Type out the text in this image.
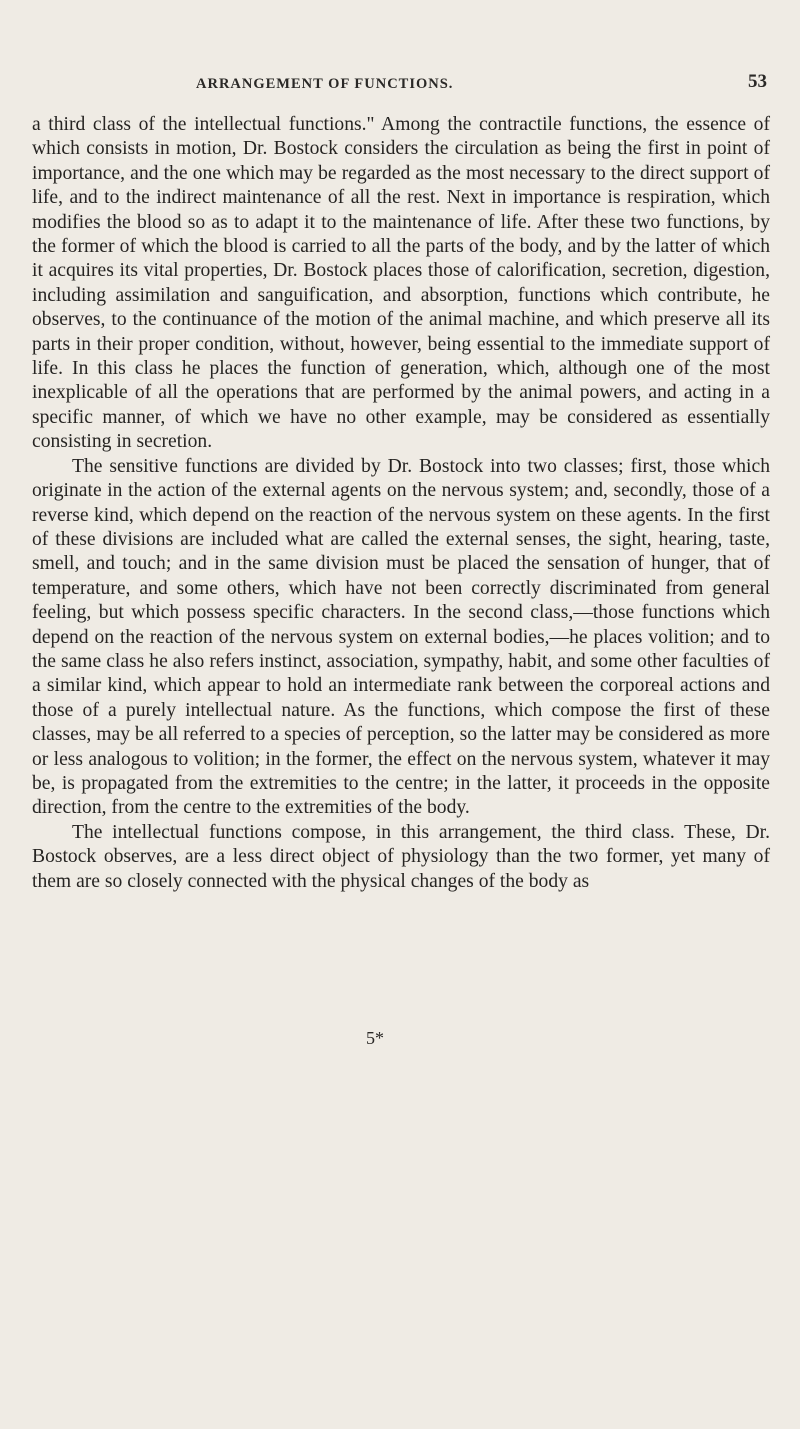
ARRANGEMENT OF FUNCTIONS.	53

a third class of the intellectual functions." Among the contractile functions, the essence of which consists in motion, Dr. Bostock considers the circulation as being the first in point of importance, and the one which may be regarded as the most necessary to the direct support of life, and to the indirect maintenance of all the rest. Next in importance is respiration, which modifies the blood so as to adapt it to the maintenance of life. After these two functions, by the former of which the blood is carried to all the parts of the body, and by the latter of which it acquires its vital properties, Dr. Bostock places those of calorification, secretion, digestion, including assimilation and sanguification, and absorption, functions which contribute, he observes, to the continuance of the motion of the animal machine, and which preserve all its parts in their proper condition, without, however, being essential to the immediate support of life. In this class he places the function of generation, which, although one of the most inexplicable of all the operations that are performed by the animal powers, and acting in a specific manner, of which we have no other example, may be considered as essentially consisting in secretion.

The sensitive functions are divided by Dr. Bostock into two classes; first, those which originate in the action of the external agents on the nervous system; and, secondly, those of a reverse kind, which depend on the reaction of the nervous system on these agents. In the first of these divisions are included what are called the external senses, the sight, hearing, taste, smell, and touch; and in the same division must be placed the sensation of hunger, that of temperature, and some others, which have not been correctly discriminated from general feeling, but which possess specific characters. In the second class,—those functions which depend on the reaction of the nervous system on external bodies,—he places volition; and to the same class he also refers instinct, association, sympathy, habit, and some other faculties of a similar kind, which appear to hold an intermediate rank between the corporeal actions and those of a purely intellectual nature. As the functions, which compose the first of these classes, may be all referred to a species of perception, so the latter may be considered as more or less analogous to volition; in the former, the effect on the nervous system, whatever it may be, is propagated from the extremities to the centre; in the latter, it proceeds in the opposite direction, from the centre to the extremities of the body.

The intellectual functions compose, in this arrangement, the third class. These, Dr. Bostock observes, are a less direct object of physiology than the two former, yet many of them are so closely connected with the physical changes of the body as

5*
